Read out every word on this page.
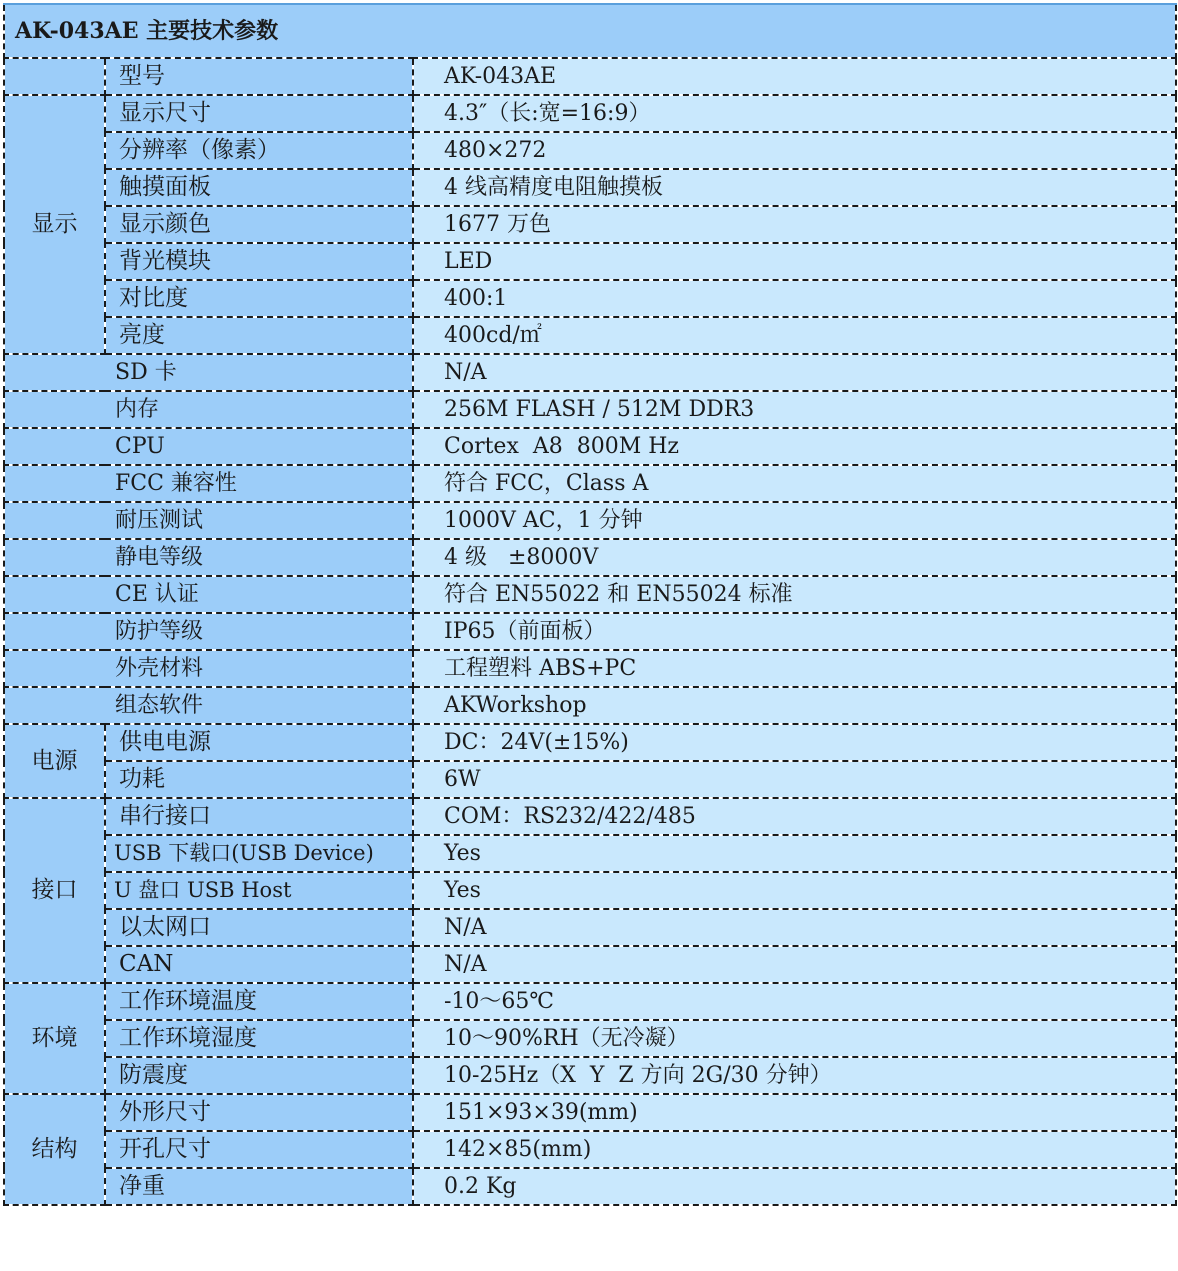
AK-043AE 主要技术参数		
	型号	AK-043AE
显示	显示尺寸	4.3″（长:宽=16:9）
	分辨率（像素）	480×272
	触摸面板	4 线高精度电阻触摸板
	显示颜色	1677 万色
	背光模块	LED
	对比度	400:1
	亮度	400cd/㎡
SD 卡		N/A
内存		256M FLASH / 512M DDR3
CPU		Cortex  A8  800M Hz
FCC 兼容性		符合 FCC，Class A
耐压测试		1000V AC，1 分钟
静电等级		4 级   ±8000V
CE 认证		符合 EN55022 和 EN55024 标准
防护等级		IP65（前面板）
外壳材料		工程塑料 ABS+PC
组态软件		AKWorkshop
电源	供电电源	DC：24V(±15%)
	功耗	6W
接口	串行接口	COM：RS232/422/485
	USB 下载口(USB Device)	Yes
	U 盘口 USB Host	Yes
	以太网口	N/A
	CAN	N/A
环境	工作环境温度	-10～65℃
	工作环境湿度	10～90%RH（无冷凝）
	防震度	10-25Hz（X  Y  Z 方向 2G/30 分钟）
结构	外形尺寸	151×93×39(mm)
	开孔尺寸	142×85(mm)
	净重	0.2 Kg
